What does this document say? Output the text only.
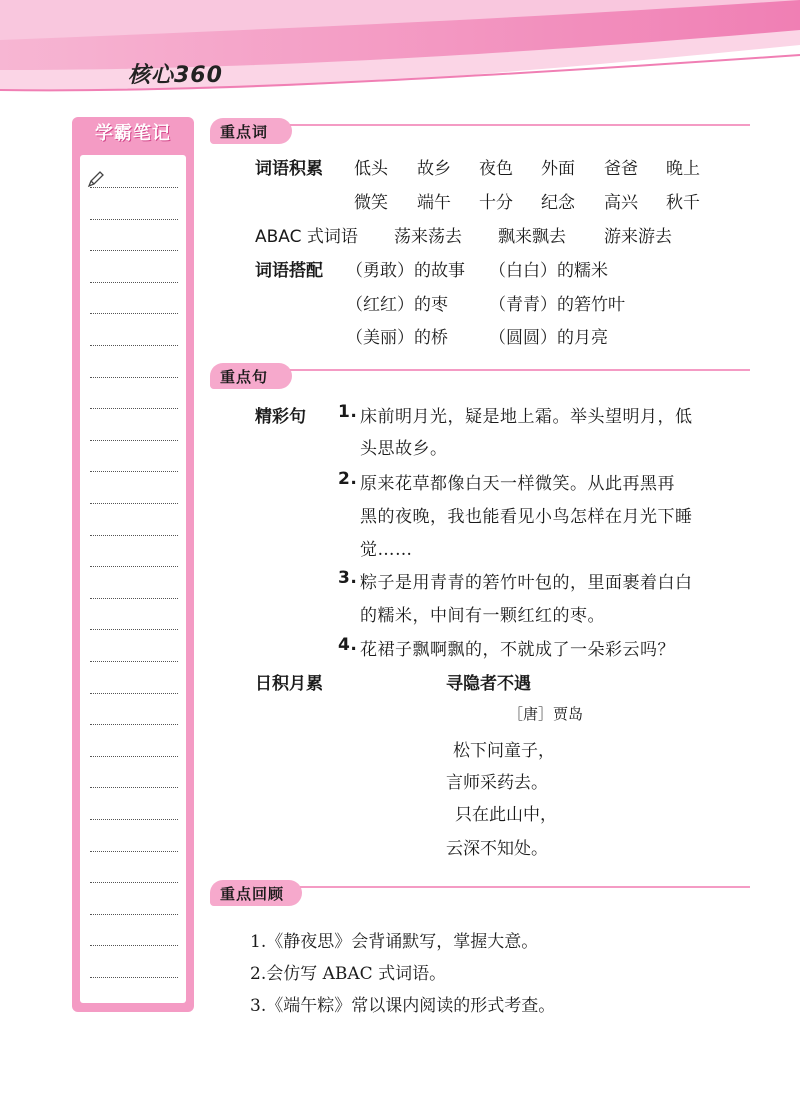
核心360
学霸笔记	重点词
词语积累 低头 故乡 夜色 外面 爸爸 晚上
微笑 端午 十分 纪念 高兴 秋千
ABAC 式词语 荡来荡去 飘来飘去 游来游去
词语搭配 （勇敢）的故事 （白白）的糯米
（红红）的枣 （青青）的箬竹叶
（美丽）的桥 （圆圆）的月亮
重点句
精彩句 1. 床前明月光，疑是地上霜。举头望明月，低
头思故乡。
2. 原来花草都像白天一样微笑。从此再黑再
黑的夜晚，我也能看见小鸟怎样在月光下睡
觉……
3. 粽子是用青青的箬竹叶包的，里面裹着白白
的糯米，中间有一颗红红的枣。
4. 花裙子飘啊飘的，不就成了一朵彩云吗？
日积月累	寻隐者不遇
［唐］贾岛
松下问童子，
言师采药去。
只在此山中，
云深不知处。
重点回顾
1.《静夜思》会背诵默写，掌握大意。
2.会仿写 ABAC 式词语。
3.《端午粽》常以课内阅读的形式考查。
